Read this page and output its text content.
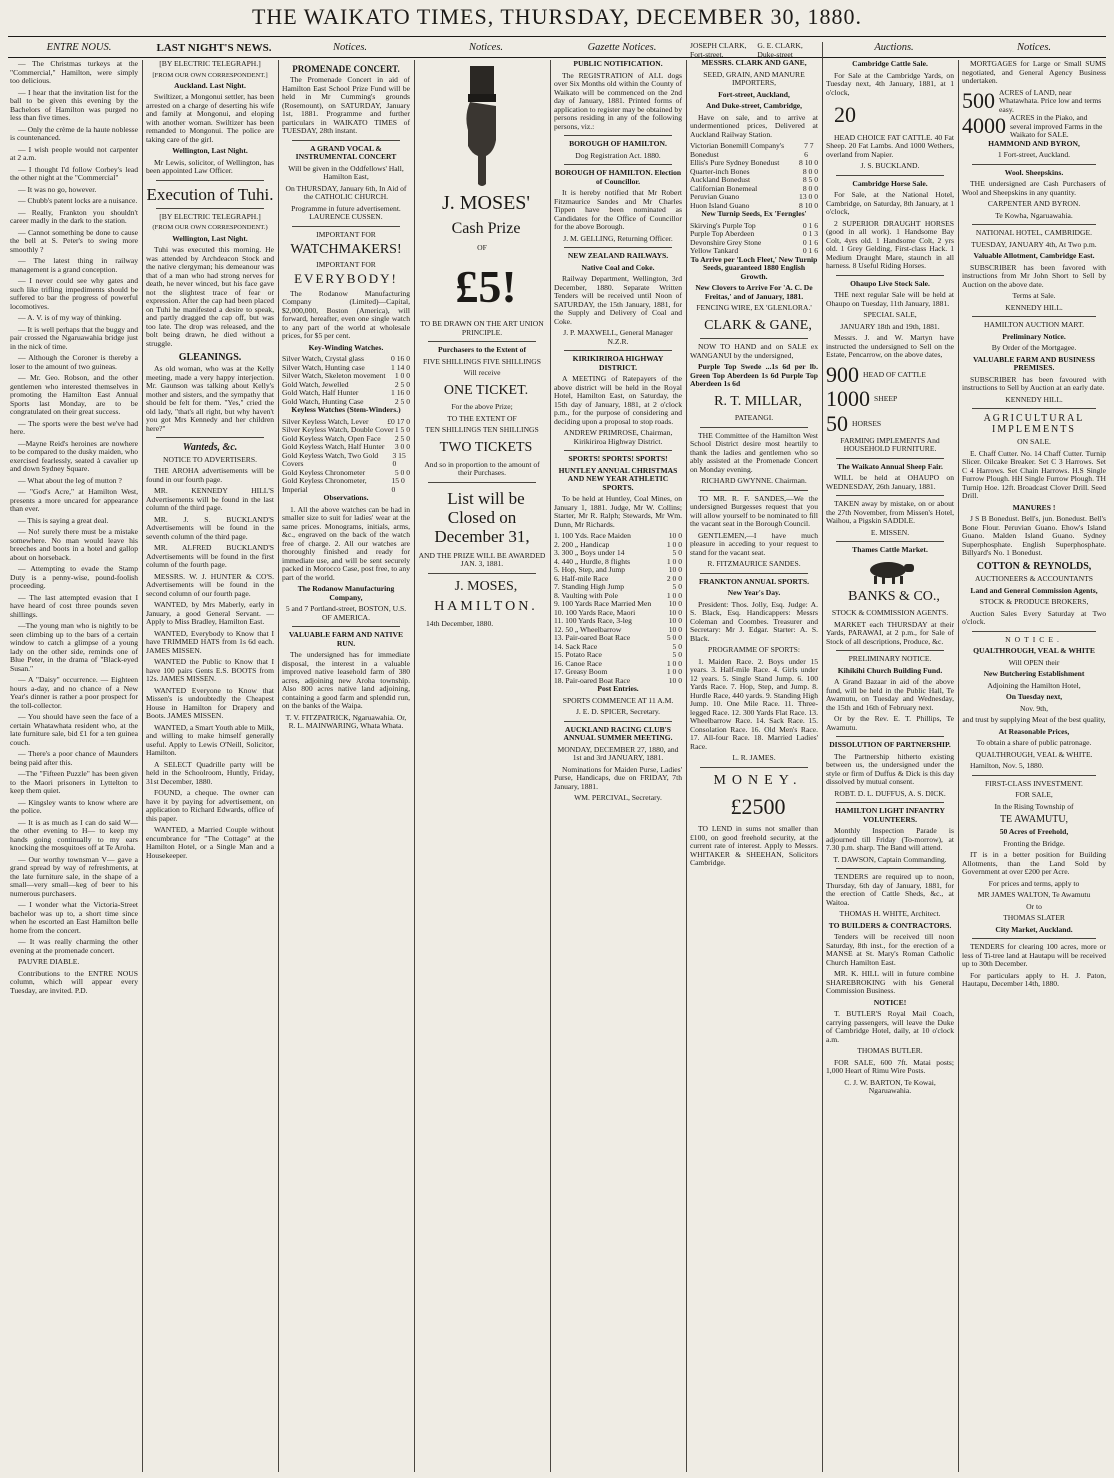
THE WAIKATO TIMES, THURSDAY, DECEMBER 30, 1880.
ENTRE NOUS.	LAST NIGHT'S NEWS.	Notices.	Notices.	Gazette Notices.	Auctions.	Notices.

— The Christmas turkeys at the "Commercial," Hamilton, were simply too delicious.

— I hear that the invitation list for the ball to be given this evening by the Bachelors of Hamilton was purged no less than five times.

— Only the crème de la haute noblesse is countenanced.

— I wish people would not carpenter at 2 a.m.

— I thought I'd follow Corbey's lead the other night at the "Commercial"

— It was no go, however.

— Chubb's patent locks are a nuisance.

— Really, Frankton you shouldn't career madly in the dark to the station.

— Cannot something be done to cause the bell at S. Peter's to swing more smoothly ?

— The latest thing in railway management is a grand conception.

— I never could see why gates and such like trifling impediments should be suffered to bar the progress of powerful locomotives.

— A. V. is of my way of thinking.

— It is well perhaps that the buggy and pair crossed the Ngaruawahia bridge just in the nick of time.

— Although the Coroner is thereby a loser to the amount of two guineas.

— Mr. Geo. Robson, and the other gentlemen who interested themselves in promoting the Hamilton East Annual Sports last Monday, are to be congratulated on their great success.

— The sports were the best we've had here.

—Mayne Reid's heroines are nowhere to be compared to the dusky maiden, who exercised fearlessly, seated à cavalier up and down Sydney Square.

— What about the leg of mutton ?

— "God's Acre," at Hamilton West, presents a more uncared for appearance than ever.

— This is saying a great deal.

— No! surely there must be a mistake somewhere. No man would leave his breeches and boots in a hotel and gallop about on horseback.

— Attempting to evade the Stamp Duty is a penny-wise, pound-foolish proceeding.

— The last attempted evasion that I have heard of cost three pounds seven shillings.

—The young man who is nightly to be seen climbing up to the bars of a certain window to catch a glimpse of a young lady on the other side, reminds one of Blue Peter, in the drama of "Black-eyed Susan."

— A "Daisy" occurrence. — Eighteen hours a-day, and no chance of a New Year's dinner is rather a poor prospect for the toll-collector.

— You should have seen the face of a certain Whatawhata resident who, at the late furniture sale, bid £1 for a ten guinea couch.

— There's a poor chance of Maunders being paid after this.

—The "Fifteen Puzzle" has been given to the Maori prisoners in Lyttelton to keep them quiet.

— Kingsley wants to know where are the police.

— It is as much as I can do said W— the other evening to H— to keep my hands going continually to my ears knocking the mosquitoes off at Te Aroha.

— Our worthy townsman V— gave a grand spread by way of refreshments, at the late furniture sale, in the shape of a small—very small—keg of beer to his numerous purchasers.

— I wonder what the Victoria-Street bachelor was up to, a short time since when he escorted an East Hamilton belle home from the concert.

— It was really charming the other evening at the promenade concert.

PAUVRE DIABLE.

Contributions to the ENTRE NOUS column, which will appear every Tuesday, are invited. P.D.

[BY ELECTRIC TELEGRAPH.]

[FROM OUR OWN CORRESPONDENT.]

Auckland. Last Night.

Swiltizer, a Mongonui settler, has been arrested on a charge of deserting his wife and family at Mongonui, and eloping with another woman. Swiltizer has been remanded to Mongonui. The police are taking care of the girl.

Wellington, Last Night.

Mr Lewis, solicitor, of Wellington, has been appointed Law Officer.

Execution of Tuhi.

[BY ELECTRIC TELEGRAPH.]

(FROM OUR OWN CORRESPONDENT.)

Wellington, Last Night.

Tuhi was executed this morning. He was attended by Archdeacon Stock and the native clergyman; his demeanour was that of a man who had strong nerves for death, he never winced, but his face gave not the slightest trace of fear or expression. After the cap had been placed on Tuhi he manifested a desire to speak, and partly dragged the cap off, but was too late. The drop was released, and the bolt being drawn, he died without a struggle.

GLEANINGS.

As old woman, who was at the Kelly meeting, made a very happy interjection. Mr. Gaunson was talking about Kelly's mother and sisters, and the sympathy that should be felt for them. "Yes," cried the old lady, "that's all right, but why haven't you got Mrs Kennedy and her children here?"

Wanteds, &c.

NOTICE TO ADVERTISERS.

THE AROHA advertisements will be found in our fourth page.

MR. KENNEDY HILL'S Advertisements will be found in the last column of the third page.

MR. J. S. BUCKLAND'S Advertisements will be found in the seventh column of the third page.

MR. ALFRED BUCKLAND'S Advertisements will be found in the first column of the fourth page.

MESSRS. W. J. HUNTER & CO'S. Advertisements will be found in the second column of our fourth page.

WANTED, by Mrs Maberly, early in January, a good General Servant. —Apply to Miss Bradley, Hamilton East.

WANTED, Everybody to Know that I have TRIMMED HATS from 1s 6d each. JAMES MISSEN.

WANTED the Public to Know that I have 100 pairs Gents E.S. BOOTS from 12s. JAMES MISSEN.

WANTED Everyone to Know that Missen's is undoubtedly the Cheapest House in Hamilton for Drapery and Boots. JAMES MISSEN.

WANTED, a Smart Youth able to Milk, and willing to make himself generally useful. Apply to Lewis O'Neill, Solicitor, Hamilton.

A SELECT Quadrille party will be held in the Schoolroom, Huntly, Friday, 31st December, 1880.

FOUND, a cheque. The owner can have it by paying for advertisement, on application to Richard Edwards, office of this paper.

WANTED, a Married Couple without encumbrance for "The Cottage" at the Hamilton Hotel, or a Single Man and a Housekeeper.

PROMENADE CONCERT.

The Promenade Concert in aid of Hamilton East School Prize Fund will be held in Mr Cumming's grounds (Rosemount), on SATURDAY, January 1st, 1881. Programme and further particulars in WAIKATO TIMES of TUESDAY, 28th instant.

A GRAND VOCAL & INSTRUMENTAL CONCERT

Will be given in the Oddfellows' Hall, Hamilton East,

On THURSDAY, January 6th, In Aid of the CATHOLIC CHURCH.

Programme in future advertisement. LAURENCE CUSSEN.

IMPORTANT FOR

WATCHMAKERS!

IMPORTANT FOR

EVERYBODY!

The Rodanow Manufacturing Company (Limited)—Capital, $2,000,000, Boston (America), will forward, hereafter, even one single watch to any part of the world at wholesale prices, for $5 per cent.

Key-Winding Watches.

Silver Watch, Crystal glass	0 16 0
Silver Watch, Hunting case	1 14 0
Silver Watch, Skeleton movement 1 0 0
Gold Watch, Jewelled	2 5 0
Gold Watch, Half Hunter	1 16 0
Gold Watch, Hunting Case	2 5 0

Keyless Watches (Stem-Winders.)

Silver Keyless Watch, Lever £0 17 0
Silver Keyless Watch, Double Cover 1 5 0
Gold Keyless Watch, Open Face 2 5 0
Gold Keyless Watch, Half Hunter 3 0 0
Gold Keyless Watch, Two Gold Covers
3 15 0
Gold Keyless Chronometer	5 0 0
Gold Keyless Chronometer, Imperial
15 0 0

Observations.

1. All the above watches can be had in smaller size to suit for ladies' wear at the same prices. Monograms, initials, arms, &c., engraved on the back of the watch free of charge. 2. All our watches are thoroughly finished and ready for immediate use, and will be sent securely packed in Morocco Case, post free, to any part of the world.

The Rodanow Manufacturing Company,

5 and 7 Portland-street, BOSTON, U.S. OF AMERICA.

VALUABLE FARM AND NATIVE RUN.

The undersigned has for immediate disposal, the interest in a valuable improved native leasehold farm of 380 acres, adjoining new Aroha township. Also 800 acres native land adjoining, containing a good farm and splendid run, on the banks of the Waipa.

T. V. FITZPATRICK, Ngaruawahia. Or, R. L. MAINWARING, Whata Whata.

J. MOSES'

Cash Prize

OF

£5!

TO BE DRAWN ON THE ART UNION PRINCIPLE.

Purchasers to the Extent of

FIVE SHILLINGS FIVE SHILLINGS

Will receive

ONE TICKET.

For the above Prize;

TO THE EXTENT OF

TEN SHILLINGS TEN SHILLINGS

TWO TICKETS

And so in proportion to the amount of their Purchases.

List will be Closed on December 31,

AND THE PRIZE WILL BE AWARDED JAN. 3, 1881.

J. MOSES,

HAMILTON.

14th December, 1880.

PUBLIC NOTIFICATION.

The REGISTRATION of ALL dogs over Six Months old within the County of Waikato will be commenced on the 2nd day of January, 1881. Printed forms of application to register may be obtained by persons residing in any of the following persons, viz.:

BOROUGH OF HAMILTON.

Dog Registration Act. 1880.

BOROUGH OF HAMILTON. Election of Councillor.

It is hereby notified that Mr Robert Fitzmaurice Sandes and Mr Charles Tippen have been nominated as Candidates for the Office of Councillor for the above Borough.

J. M. GELLING, Returning Officer.

NEW ZEALAND RAILWAYS.

Native Coal and Coke.

Railway Department, Wellington, 3rd December, 1880. Separate Written Tenders will be received until Noon of SATURDAY, the 15th January, 1881, for the Supply and Delivery of Coal and Coke.

J. P. MAXWELL, General Manager N.Z.R.

KIRIKIRIROA HIGHWAY DISTRICT.

A MEETING of Ratepayers of the above district will be held in the Royal Hotel, Hamilton East, on Saturday, the 15th day of January, 1881, at 2 o'clock p.m., for the purpose of considering and deciding upon a proposal to stop roads.

ANDREW PRIMROSE, Chairman, Kirikiriroa Highway District.

SPORTS! SPORTS! SPORTS!

HUNTLEY ANNUAL CHRISTMAS AND NEW YEAR ATHLETIC SPORTS.

To be held at Huntley, Coal Mines, on January 1, 1881. Judge, Mr W. Collins; Starter, Mr R. Ralph; Stewards, Mr Wm. Dunn, Mr Richards.

1. 100 Yds. Race Maiden	10 0
2. 200 „ Handicap	1 0 0
3. 300 „ Boys under 14	5 0
4. 440 „ Hurdle, 8 flights	1 0 0
5. Hop, Step, and Jump	10 0
6. Half-mile Race	2 0 0
7. Standing High Jump	5 0
8. Vaulting with Pole	1 0 0
9. 100 Yards Race Married Men 10 0
10. 100 Yards Race, Maori	10 0
11. 100 Yards Race, 3-leg	10 0
12. 50 „ Wheelbarrow	10 0
13. Pair-oared Boat Race	5 0 0
14. Sack Race	5 0
15. Potato Race	5 0
16. Canoe Race	1 0 0
17. Greasy Boom	1 0 0
18. Pair-oared Boat Race	10 0

Post Entries.

SPORTS COMMENCE AT 11 A.M.

J. E. D. SPICER, Secretary.

AUCKLAND RACING CLUB'S ANNUAL SUMMER MEETING.

MONDAY, DECEMBER 27, 1880, and 1st and 3rd JANUARY, 1881.

Nominations for Maiden Purse, Ladies' Purse, Handicaps, due on FRIDAY, 7th January, 1881.

WM. PERCIVAL, Secretary.

JOSEPH CLARK, Fort-street.
G. E. CLARK, Duke-street

MESSRS. CLARK AND GANE,

SEED, GRAIN, AND MANURE IMPORTERS,

Fort-street, Auckland,

And Duke-street, Cambridge,

Have on sale, and to arrive at undermentioned prices, Delivered at Auckland Railway Station.

Victorian Bonemill Company's Bonedust
7 7 6
Ellis's Pure Sydney Bonedust	8 10 0
Quarter-inch Bones	8 0 0
Auckland Bonedust	8 5 0
Californian Bonemeal	8 0 0
Peruvian Guano	13 0 0
Huon Island Guano	8 10 0

New Turnip Seeds, Ex 'Ferngles'

Skirving's Purple Top	0 1 6
Purple Top Aberdeen	0 1 3
Devonshire Grey Stone	0 1 6
Yellow Tankard	0 1 6

To Arrive per 'Loch Fleet,' New Turnip Seeds, guaranteed 1880 English Growth.

New Clovers to Arrive For 'A. C. De Freitas,' and of January, 1881.

FENCING WIRE, EX 'GLENLORA.'

CLARK & GANE,

NOW TO HAND and on SALE ex WANGANUI by the undersigned,

Purple Top Swede ...1s 6d per lb. Green Top Aberdeen 1s 6d Purple Top Aberdeen 1s 6d

R. T. MILLAR,

PATEANGI.

THE Committee of the Hamilton West School District desire most heartily to thank the ladies and gentlemen who so ably assisted at the Promenade Concert on Monday evening.

RICHARD GWYNNE. Chairman.

TO MR. R. F. SANDES,—We the undersigned Burgesses request that you will allow yourself to be nominated to fill the vacant seat in the Borough Council.

GENTLEMEN,—I have much pleasure in acceding to your request to stand for the vacant seat.

R. FITZMAURICE SANDES.

FRANKTON ANNUAL SPORTS.

New Year's Day.

President: Thos. Jolly, Esq. Judge: A. S. Black, Esq. Handicappers: Messrs Coleman and Coombes. Treasurer and Secretary: Mr J. Edgar. Starter: A. S. Black.

PROGRAMME OF SPORTS:

1. Maiden Race. 2. Boys under 15 years. 3. Half-mile Race. 4. Girls under 12 years. 5. Single Stand Jump. 6. 100 Yards Race. 7. Hop, Step, and Jump. 8. Hurdle Race, 440 yards. 9. Standing High Jump. 10. One Mile Race. 11. Three-legged Race. 12. 300 Yards Flat Race. 13. Wheelbarrow Race. 14. Sack Race. 15. Consolation Race. 16. Old Men's Race. 17. All-four Race. 18. Married Ladies' Race.

L. R. JAMES.

MONEY.

£2500

TO LEND in sums not smaller than £100, on good freehold security, at the current rate of interest. Apply to Messrs. WHITAKER & SHEEHAN, Solicitors Cambridge.

Cambridge Cattle Sale.

For Sale at the Cambridge Yards, on Tuesday next, 4th January, 1881, at 1 o'clock,

20

HEAD CHOICE FAT CATTLE. 40 Fat Sheep. 20 Fat Lambs. And 1000 Wethers, overland from Napier.

J. S. BUCKLAND.

Cambridge Horse Sale.

For Sale, at the National Hotel, Cambridge, on Saturday, 8th January, at 1 o'clock,

2 SUPERIOR DRAUGHT HORSES (good in all work). 1 Handsome Bay Colt, 4yrs old. 1 Handsome Colt, 2 yrs old. 1 Grey Gelding, First-class Hack. 1 Medium Draught Mare, staunch in all harness. 8 Useful Riding Horses.

Ohaupo Live Stock Sale.

THE next regular Sale will be held at Ohaupo on Tuesday, 11th January, 1881.

SPECIAL SALE,

JANUARY 18th and 19th, 1881.

Messrs. J. and W. Martyn have instructed the undersigned to Sell on the Estate, Pencarrow, on the above dates,

900 HEAD OF CATTLE
1000 SHEEP
50 HORSES

FARMING IMPLEMENTS And HOUSEHOLD FURNITURE.

The Waikato Annual Sheep Fair.

WILL be held at OHAUPO on WEDNESDAY, 26th January, 1881.

TAKEN away by mistake, on or about the 27th November, from Missen's Hotel, Waihou, a Pigskin SADDLE.

E. MISSEN.

Thames Cattle Market.

BANKS & CO.,

STOCK & COMMISSION AGENTS.

MARKET each THURSDAY at their Yards, PARAWAI, at 2 p.m., for Sale of Stock of all descriptions, Produce, &c.

PRELIMINARY NOTICE.

Kihikihi Church Building Fund.

A Grand Bazaar in aid of the above fund, will be held in the Public Hall, Te Awamutu, on Tuesday and Wednesday, the 15th and 16th of February next.

Or by the Rev. E. T. Phillips, Te Awamutu.

DISSOLUTION OF PARTNERSHIP.

The Partnership hitherto existing between us, the undersigned under the style or firm of Duffus & Dick is this day dissolved by mutual consent.

ROBT. D. L. DUFFUS, A. S. DICK.

HAMILTON LIGHT INFANTRY VOLUNTEERS.

Monthly Inspection Parade is adjourned till Friday (To-morrow), at 7.30 p.m. sharp. The Band will attend.

T. DAWSON, Captain Commanding.

TENDERS are required up to noon, Thursday, 6th day of January, 1881, for the erection of Cattle Sheds, &c., at Waitoa.

THOMAS H. WHITE, Architect.

TO BUILDERS & CONTRACTORS.

Tenders will be received till noon Saturday, 8th inst., for the erection of a MANSE at St. Mary's Roman Catholic Church Hamilton East.

MR. K. HILL will in future combine SHAREBROKING with his General Commission Business.

NOTICE!

T. BUTLER'S Royal Mail Coach, carrying passengers, will leave the Duke of Cambridge Hotel, daily, at 10 o'clock a.m.

THOMAS BUTLER.

FOR SALE, 600 7ft. Matai posts; 1,000 Heart of Rimu Wire Posts.

C. J. W. BARTON, Te Kowai, Ngaruawahia.

MORTGAGES for Large or Small SUMS negotiated, and General Agency Business undertaken.

500 ACRES of LAND, near Whatawhata. Price low and terms easy.
4000 ACRES in the Piako, and several improved Farms in the Waikato for SALE.

HAMMOND AND BYRON,

1 Fort-street, Auckland.

Wool. Sheepskins.

THE undersigned are Cash Purchasers of Wool and Sheepskins in any quantity.

CARPENTER AND BYRON.

Te Kowha, Ngaruawahia.

NATIONAL HOTEL, CAMBRIDGE.

TUESDAY, JANUARY 4th, At Two p.m.

Valuable Allotment, Cambridge East.

SUBSCRIBER has been favored with instructions from Mr John Short to Sell by Auction on the above date.

Terms at Sale.

KENNEDY HILL.

HAMILTON AUCTION MART.

Preliminary Notice.

By Order of the Mortgagee.

VALUABLE FARM AND BUSINESS PREMISES.

SUBSCRIBER has been favoured with instructions to Sell by Auction at an early date.

KENNEDY HILL.

AGRICULTURAL IMPLEMENTS

ON SALE.

E. Chaff Cutter. No. 14 Chaff Cutter. Turnip Slicer. Oilcake Breaker. Set C 3 Harrows. Set C 4 Harrows. Set Chain Harrows. H.S Single Furrow Plough. HH Single Furrow Plough. TH Turnip Hoe. 12ft. Broadcast Clover Drill. Seed Drill.

MANURES !

J S B Bonedust. Bell's, jun. Bonedust. Bell's Bone Flour. Peruvian Guano. Ehow's Island Guano. Malden Island Guano. Sydney Superphosphate. English Superphosphate. Billyard's No. 1 Bonedust.

COTTON & REYNOLDS,

AUCTIONEERS & ACCOUNTANTS

Land and General Commission Agents,

STOCK & PRODUCE BROKERS,

Auction Sales Every Saturday at Two o'clock.

NOTICE.

QUALTHROUGH, VEAL & WHITE

Will OPEN their

New Butchering Establishment

Adjoining the Hamilton Hotel,

On Tuesday next,

Nov. 9th,

and trust by supplying Meat of the best quality,

At Reasonable Prices,

To obtain a share of public patronage.

QUALTHROUGH, VEAL & WHITE.

Hamilton, Nov. 5, 1880.

FIRST-CLASS INVESTMENT.

FOR SALE,

In the Rising Township of

TE AWAMUTU,

50 Acres of Freehold,

Fronting the Bridge.

IT is in a better position for Building Allotments, than the Land Sold by Government at over £200 per Acre.

For prices and terms, apply to

MR JAMES WALTON, Te Awamutu

Or to

THOMAS SLATER

City Market, Auckland.

TENDERS for clearing 100 acres, more or less of Ti-tree land at Hautapu will be received up to 30th December.

For particulars apply to H. J. Paton, Hautapu, December 14th, 1880.
